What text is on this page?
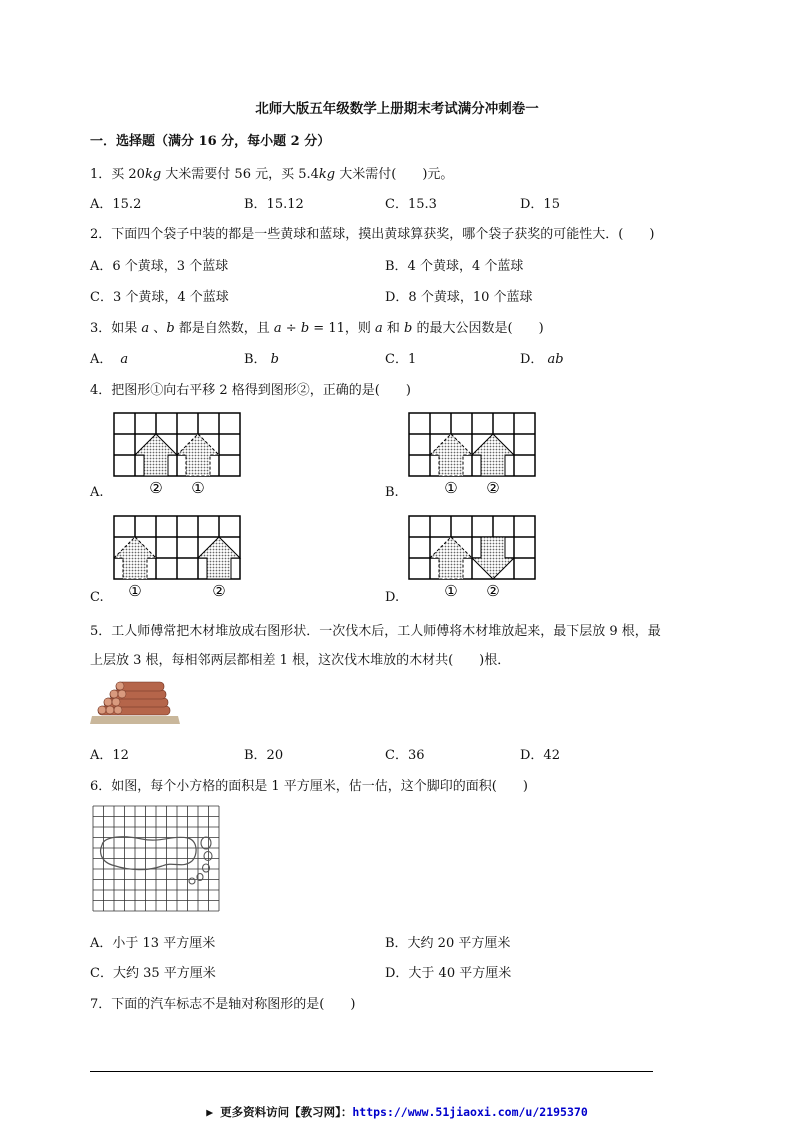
北师大版五年级数学上册期末考试满分冲刺卷一
一．选择题（满分 16 分，每小题 2 分）
1．买 20kg 大米需要付 56 元，买 5.4kg 大米需付(　　)元。
A．15.2	B．15.12	C．15.3	D．15
2．下面四个袋子中装的都是一些黄球和蓝球，摸出黄球算获奖，哪个袋子获奖的可能性大．(　　)
A．6 个黄球，3 个蓝球	B．4 个黄球，4 个蓝球
C．3 个黄球，4 个蓝球	D．8 个黄球，10 个蓝球
3．如果 a 、b 都是自然数，且 a ÷ b = 11，则 a 和 b 的最大公因数是(　　)
A． a	B． b	C．1	D． ab
4．把图形①向右平移 2 格得到图形②，正确的是(　　)
② ①
A.	① ②
B.
①	②
C.	① ②
D.
5．工人师傅常把木材堆放成右图形状．一次伐木后，工人师傅将木材堆放起来，最下层放 9 根，最
上层放 3 根，每相邻两层都相差 1 根，这次伐木堆放的木材共(　　)根．
A．12	B．20	C．36	D．42
6．如图，每个小方格的面积是 1 平方厘米，估一估，这个脚印的面积(　　)
A．小于 13 平方厘米	B．大约 20 平方厘米
C．大约 35 平方厘米	D．大于 40 平方厘米
7．下面的汽车标志不是轴对称图形的是(　　)
▶ 更多资料访问【教习网】：https://www.51jiaoxi.com/u/2195370
